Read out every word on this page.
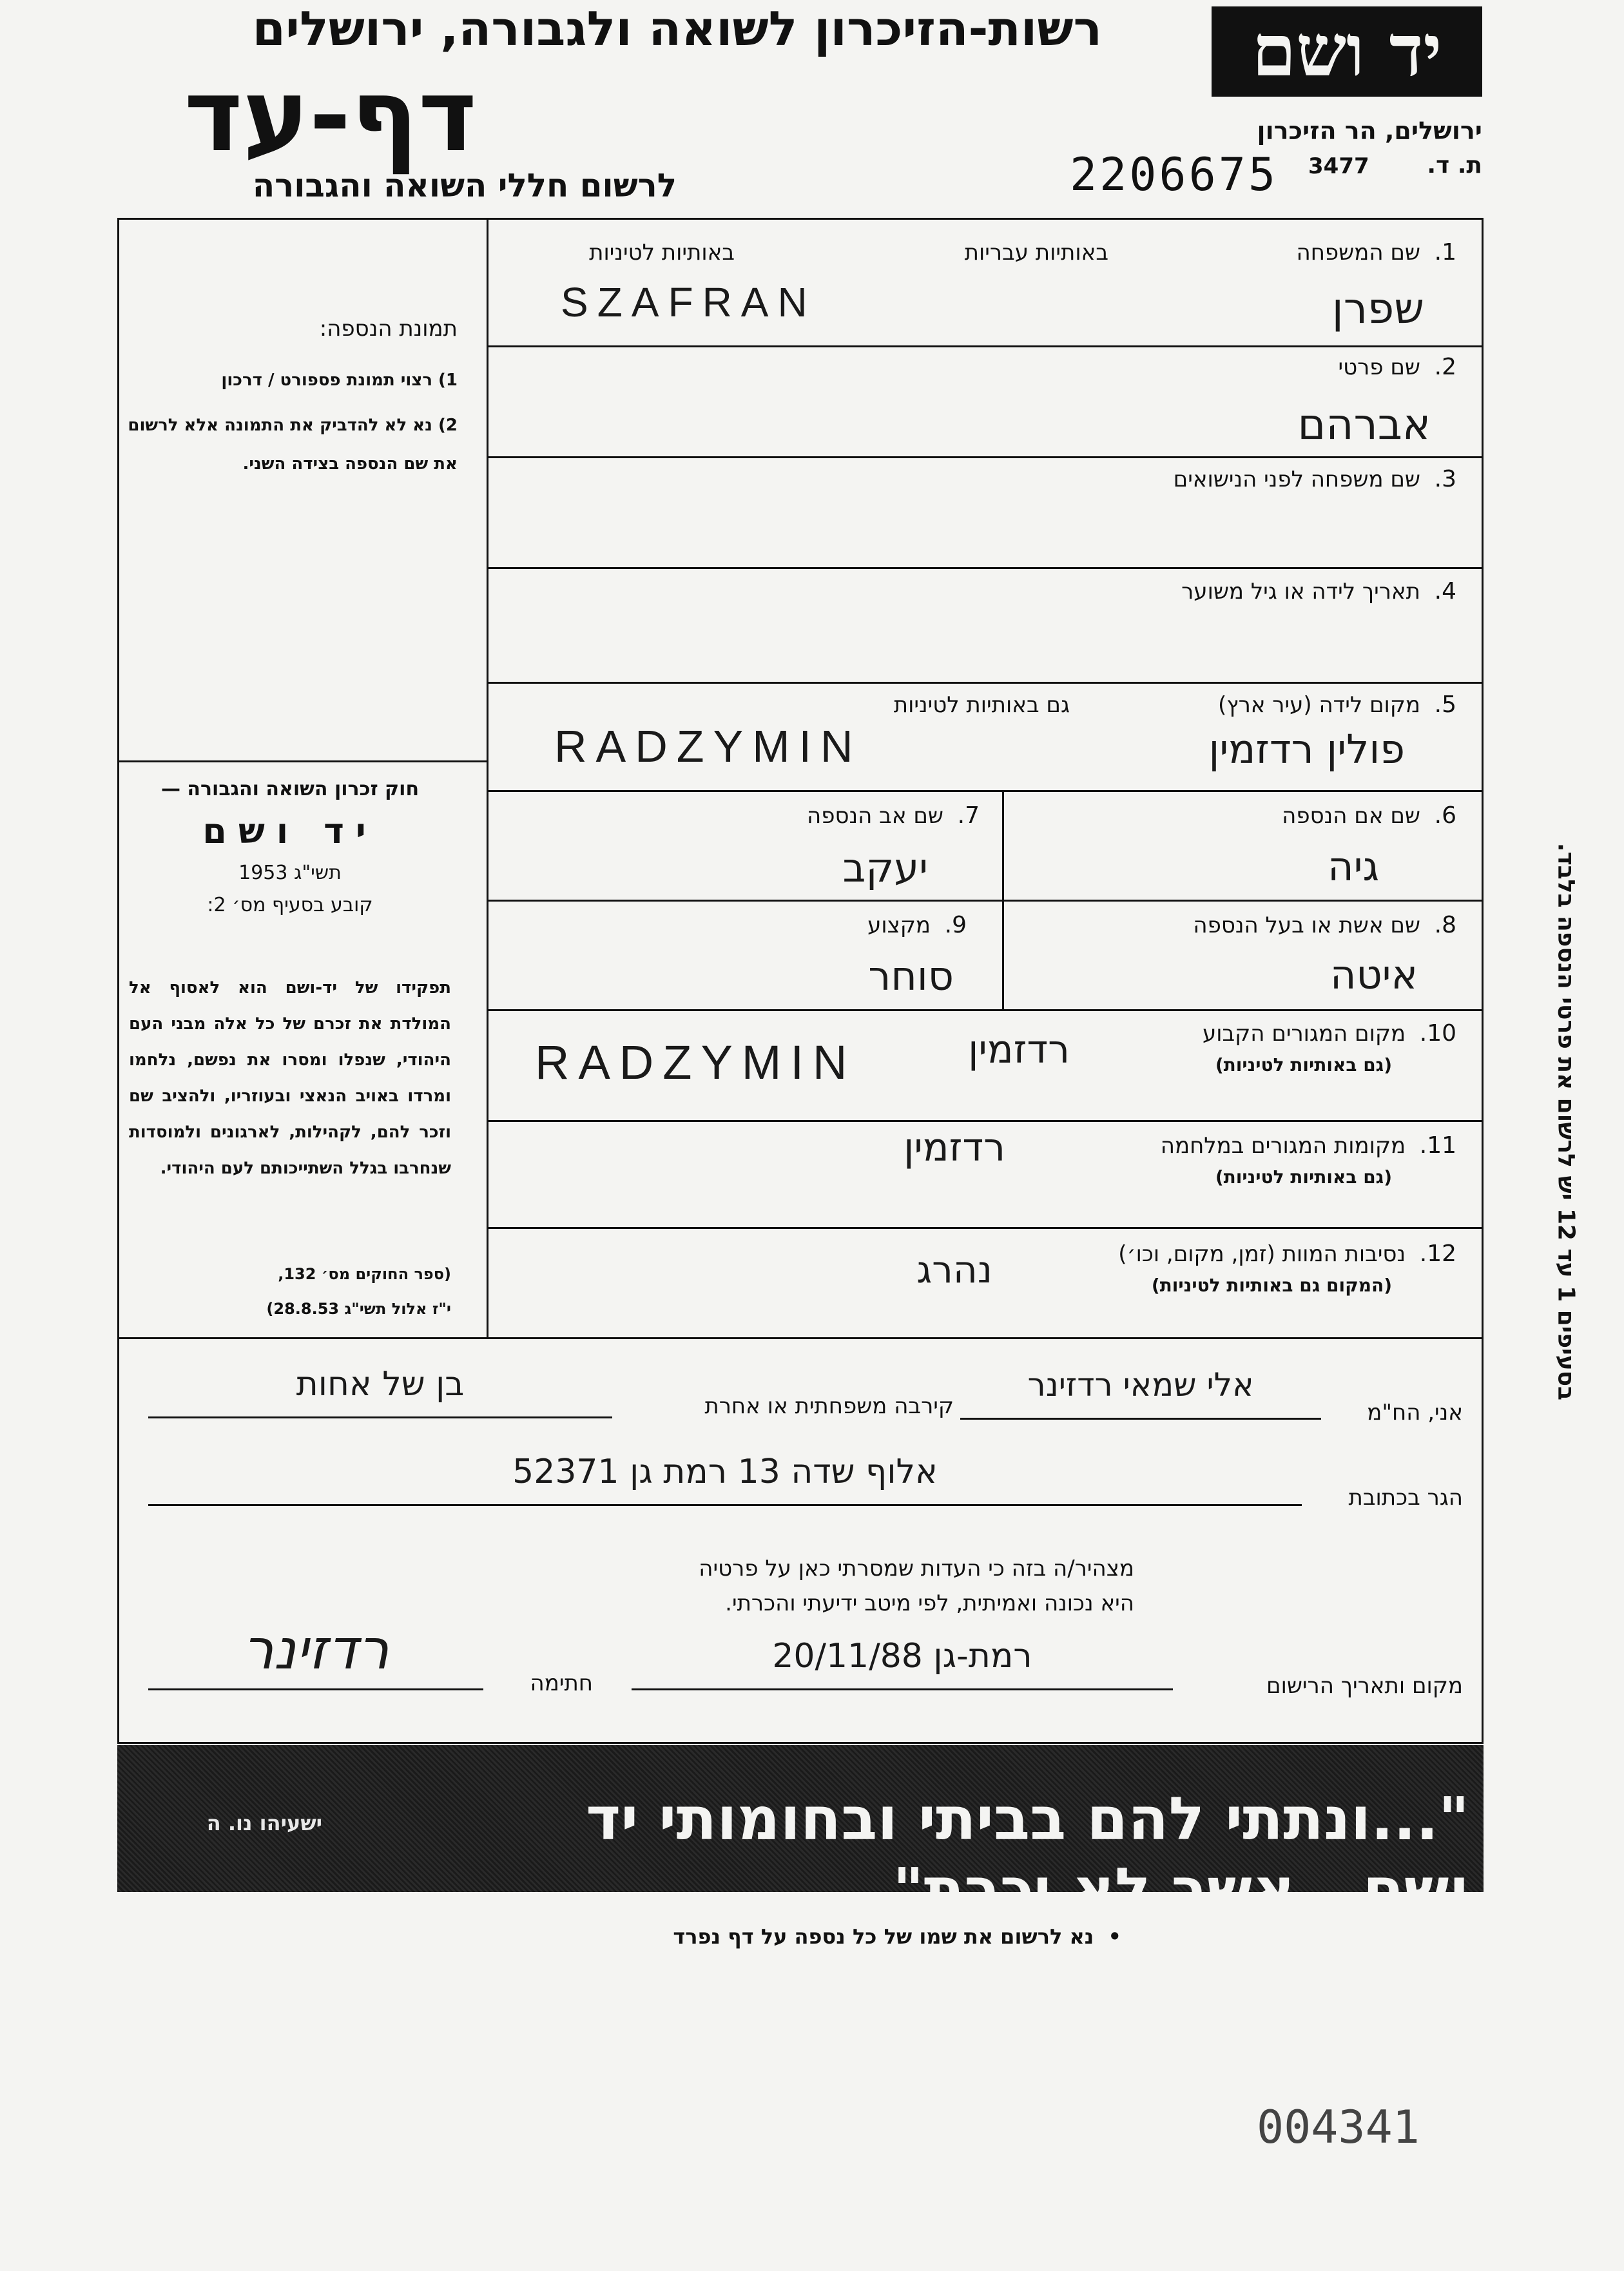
יד ושם
רשות-הזיכרון לשואה ולגבורה, ירושלים
דף-עד
לרשום חללי השואה והגבורה
ירושלים, הר הזיכרון
ת. ד.
3477
2206675
תמונת הנספה:
1) רצוי תמונת פספורט / דרכון
2) נא לא להדביק את התמונה אלא לרשום את שם הנספה בצידה השני.
חוק זכרון השואה והגבורה —
יד ושם
תשי"ג 1953
קובע בסעיף מס׳ 2:
תפקידו של יד-ושם הוא לאסוף אל המולדת את זכרם של כל אלה מבני העם היהודי, שנפלו ומסרו את נפשם, נלחמו ומרדו באויב הנאצי ובעוזריו, ולהציב שם וזכר להם, לקהילות, לארגונים ולמוסדות שנחרבו בגלל השתייכותם לעם היהודי.
(ספר החוקים מס׳ 132,
י"ז אלול תשי"ג 28.8.53)
1.  שם המשפחה
באותיות עבריות
באותיות לטיניות
שפרן
SZAFRAN
2.  שם פרטי
אברהם
3.  שם משפחה לפני הנישואים
4.  תאריך לידה או גיל משוער
5.  מקום לידה (עיר ארץ)
גם באותיות לטיניות
פולין רדזמין
RADZYMIN
6.  שם אם הנספה
גיה
7.  שם אב הנספה
יעקב
8.  שם אשת או בעל הנספה
איטה
9.  מקצוע
סוחר
10.  מקום המגורים הקבוע
(גם באותיות לטיניות)
רדזמין
RADZYMIN
11.  מקומות המגורים במלחמה
(גם באותיות לטיניות)
רדזמין
12.  נסיבות המוות (זמן, מקום, וכו׳)
(המקום גם באותיות לטיניות)
נהרג
אני, הח"מ
אלי שמאי רדזינר
קירבה משפחתית או אחרת
בן של אחות
הגר בכתובת
אלוף שדה 13 רמת גן 52371
מצהיר/ה בזה כי העדות שמסרתי כאן על פרטיה
היא נכונה ואמיתית, לפי מיטב ידיעתי והכרתי.
מקום ותאריך הרישום
רמת-גן 20/11/88
חתימה
רדזינר
"...ונתתי להם בביתי ובחומותי יד ושם...אשר לא יכרת"
ישעיהו נו. ה
•  נא לרשום את שמו של כל נספה על דף נפרד
בסעיפים 1 עד 12 יש לרשום את פרטי הנספה בלבד.
004341
